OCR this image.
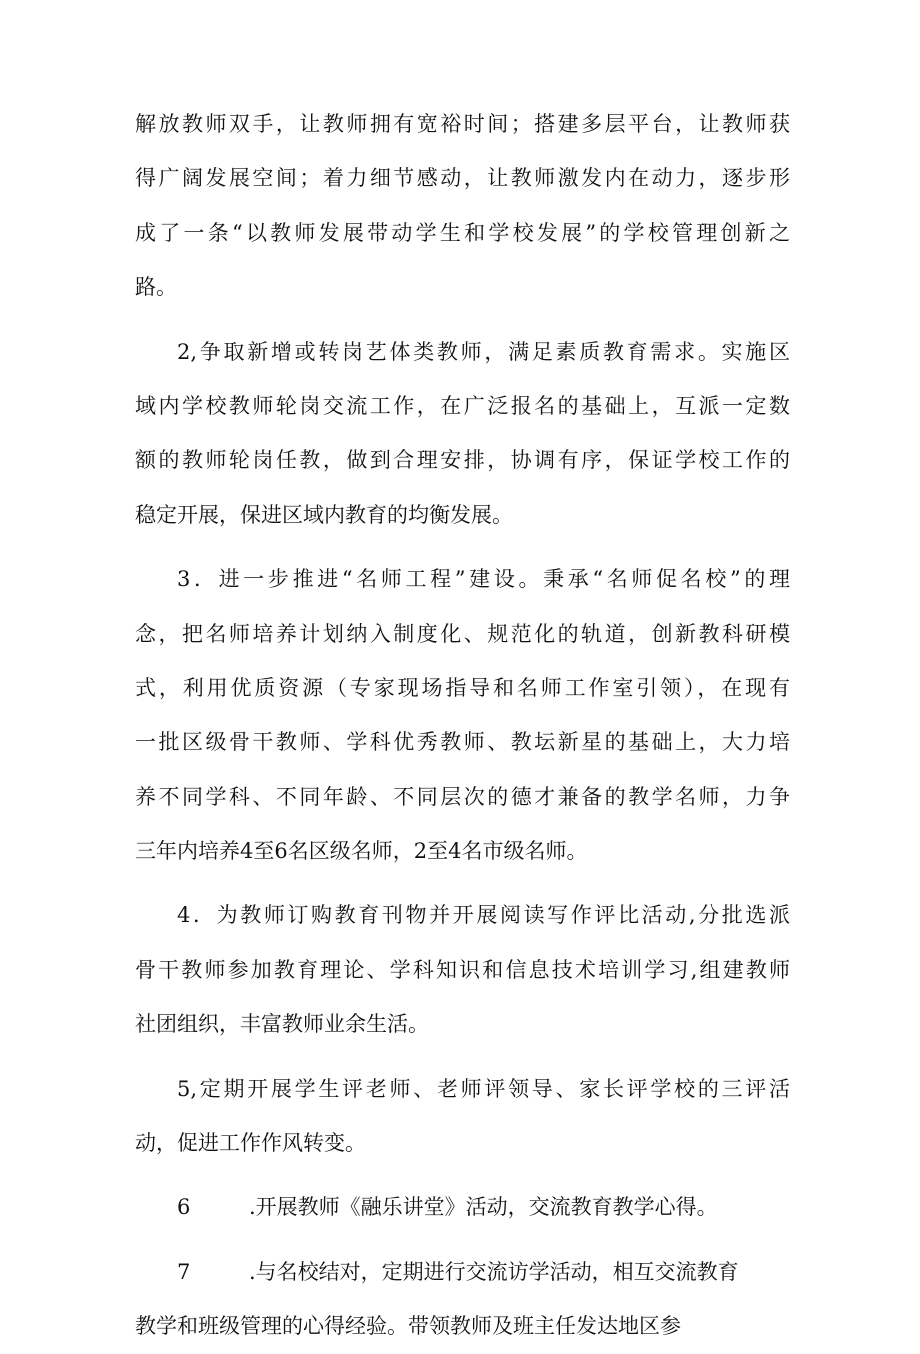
解放教师双手，让教师拥有宽裕时间；搭建多层平台，让教师获
得广阔发展空间；着力细节感动，让教师激发内在动力，逐步形
成了一条“以教师发展带动学生和学校发展”的学校管理创新之
路。
2,争取新增或转岗艺体类教师，满足素质教育需求。实施区
域内学校教师轮岗交流工作，在广泛报名的基础上，互派一定数
额的教师轮岗任教，做到合理安排，协调有序，保证学校工作的
稳定开展，保进区域内教育的均衡发展。
3．进一步推进“名师工程”建设。秉承“名师促名校”的理
念，把名师培养计划纳入制度化、规范化的轨道，创新教科研模
式，利用优质资源（专家现场指导和名师工作室引领），在现有
一批区级骨干教师、学科优秀教师、教坛新星的基础上，大力培
养不同学科、不同年龄、不同层次的德才兼备的教学名师，力争
三年内培养4至6名区级名师，2至4名市级名师。
4．为教师订购教育刊物并开展阅读写作评比活动,分批选派
骨干教师参加教育理论、学科知识和信息技术培训学习,组建教师
社团组织，丰富教师业余生活。
5,定期开展学生评老师、老师评领导、家长评学校的三评活
动，促进工作作风转变。
6	.开展教师《融乐讲堂》活动，交流教育教学心得。
7	.与名校结对，定期进行交流访学活动，相互交流教育
教学和班级管理的心得经验。带领教师及班主任发达地区参
